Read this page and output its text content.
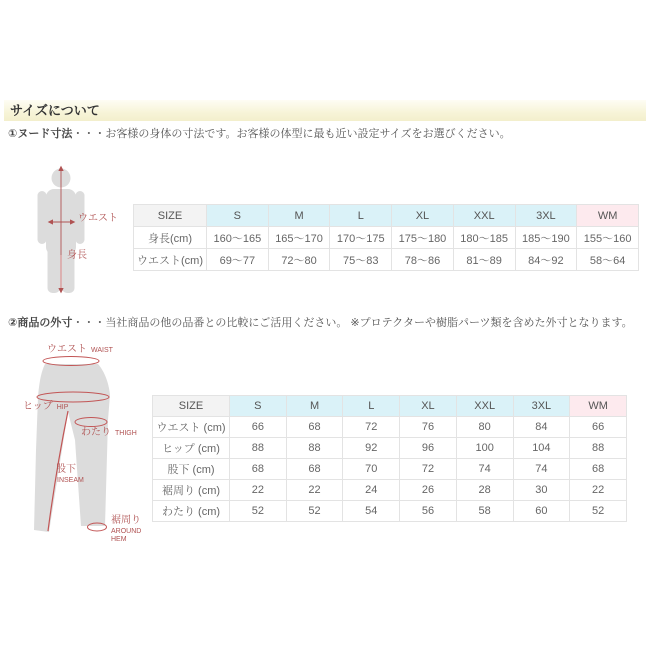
サイズについて
①ヌード寸法・・・お客様の身体の寸法です。お客様の体型に最も近い設定サイズをお選びください。
ウエスト
身長
SIZE	S	M	L	XL	XXL	3XL	WM
身長(cm)	160〜165	165〜170	170〜175	175〜180	180〜185	185〜190	155〜160
ウエスト(cm)	69〜77	72〜80	75〜83	78〜86	81〜89	84〜92	58〜64
②商品の外寸・・・当社商品の他の品番との比較にご活用ください。 ※プロテクターや樹脂パーツ類を含めた外寸となります。
ウエスト WAIST
ヒップ HIP
わたり THIGH
股下
INSEAM
裾周り
AROUND
HEM
SIZE	S	M	L	XL	XXL	3XL	WM
ウエスト (cm)	66	68	72	76	80	84	66
ヒップ (cm)	88	88	92	96	100	104	88
股下 (cm)	68	68	70	72	74	74	68
裾周り (cm)	22	22	24	26	28	30	22
わたり (cm)	52	52	54	56	58	60	52
